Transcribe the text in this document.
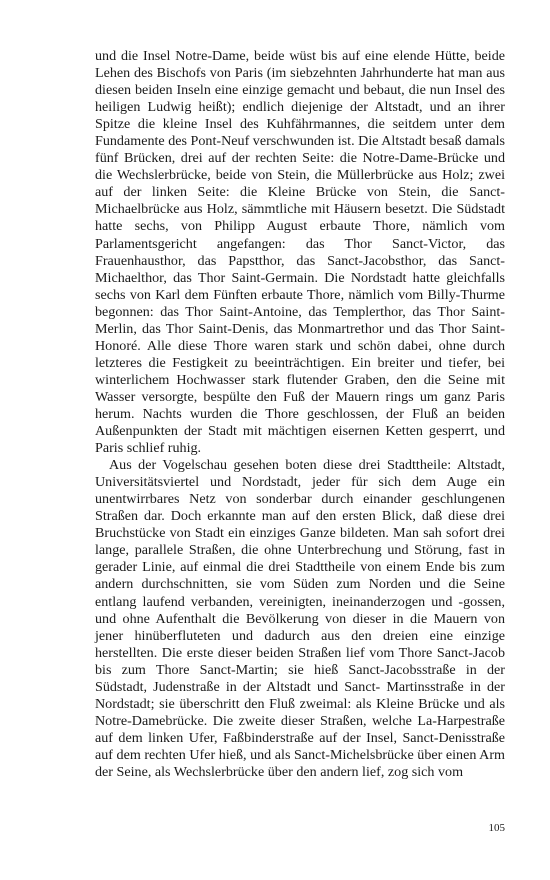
und die Insel Notre-Dame, beide wüst bis auf eine elende Hütte, beide Lehen des Bischofs von Paris (im siebzehnten Jahrhunderte hat man aus diesen beiden Inseln eine einzige gemacht und bebaut, die nun Insel des heiligen Ludwig heißt); endlich diejenige der Altstadt, und an ihrer Spitze die kleine Insel des Kuhfährmannes, die seitdem unter dem Fundamente des Pont-Neuf verschwunden ist. Die Altstadt besaß damals fünf Brücken, drei auf der rechten Seite: die Notre-Dame-Brücke und die Wechslerbrücke, beide von Stein, die Müllerbrücke aus Holz; zwei auf der linken Seite: die Kleine Brücke von Stein, die Sanct-Michaelbrücke aus Holz, sämmtliche mit Häusern besetzt. Die Südstadt hatte sechs, von Philipp August erbaute Thore, nämlich vom Parlamentsgericht angefangen: das Thor Sanct-Victor, das Frauenhausthor, das Papstthor, das Sanct-Jacobsthor, das Sanct-Michaelthor, das Thor Saint-Germain. Die Nordstadt hatte gleichfalls sechs von Karl dem Fünften erbaute Thore, nämlich vom Billy-Thurme begonnen: das Thor Saint-Antoine, das Templerthor, das Thor Saint-Merlin, das Thor Saint-Denis, das Monmartrethor und das Thor Saint-Honoré. Alle diese Thore waren stark und schön dabei, ohne durch letzteres die Festigkeit zu beeinträchtigen. Ein breiter und tiefer, bei winterlichem Hochwasser stark flutender Graben, den die Seine mit Wasser versorgte, bespülte den Fuß der Mauern rings um ganz Paris herum. Nachts wurden die Thore geschlossen, der Fluß an beiden Außenpunkten der Stadt mit mächtigen eisernen Ketten gesperrt, und Paris schlief ruhig.

Aus der Vogelschau gesehen boten diese drei Stadttheile: Altstadt, Universitätsviertel und Nordstadt, jeder für sich dem Auge ein unentwirrbares Netz von sonderbar durch einander geschlungenen Straßen dar. Doch erkannte man auf den ersten Blick, daß diese drei Bruchstücke von Stadt ein einziges Ganze bildeten. Man sah sofort drei lange, parallele Straßen, die ohne Unterbrechung und Störung, fast in gerader Linie, auf einmal die drei Stadttheile von einem Ende bis zum andern durchschnitten, sie vom Süden zum Norden und die Seine entlang laufend verbanden, vereinigten, ineinanderzogen und -gossen, und ohne Aufenthalt die Bevölkerung von dieser in die Mauern von jener hinüberfluteten und dadurch aus den dreien eine einzige herstellten. Die erste dieser beiden Straßen lief vom Thore Sanct-Jacob bis zum Thore Sanct-Martin; sie hieß Sanct-Jacobsstraße in der Südstadt, Judenstraße in der Altstadt und Sanct- Martinsstraße in der Nordstadt; sie überschritt den Fluß zweimal: als Kleine Brücke und als Notre-Damebrücke. Die zweite dieser Straßen, welche La-Harpestraße auf dem linken Ufer, Faßbinderstraße auf der Insel, Sanct-Denisstraße auf dem rechten Ufer hieß, und als Sanct-Michelsbrücke über einen Arm der Seine, als Wechslerbrücke über den andern lief, zog sich vom

105
